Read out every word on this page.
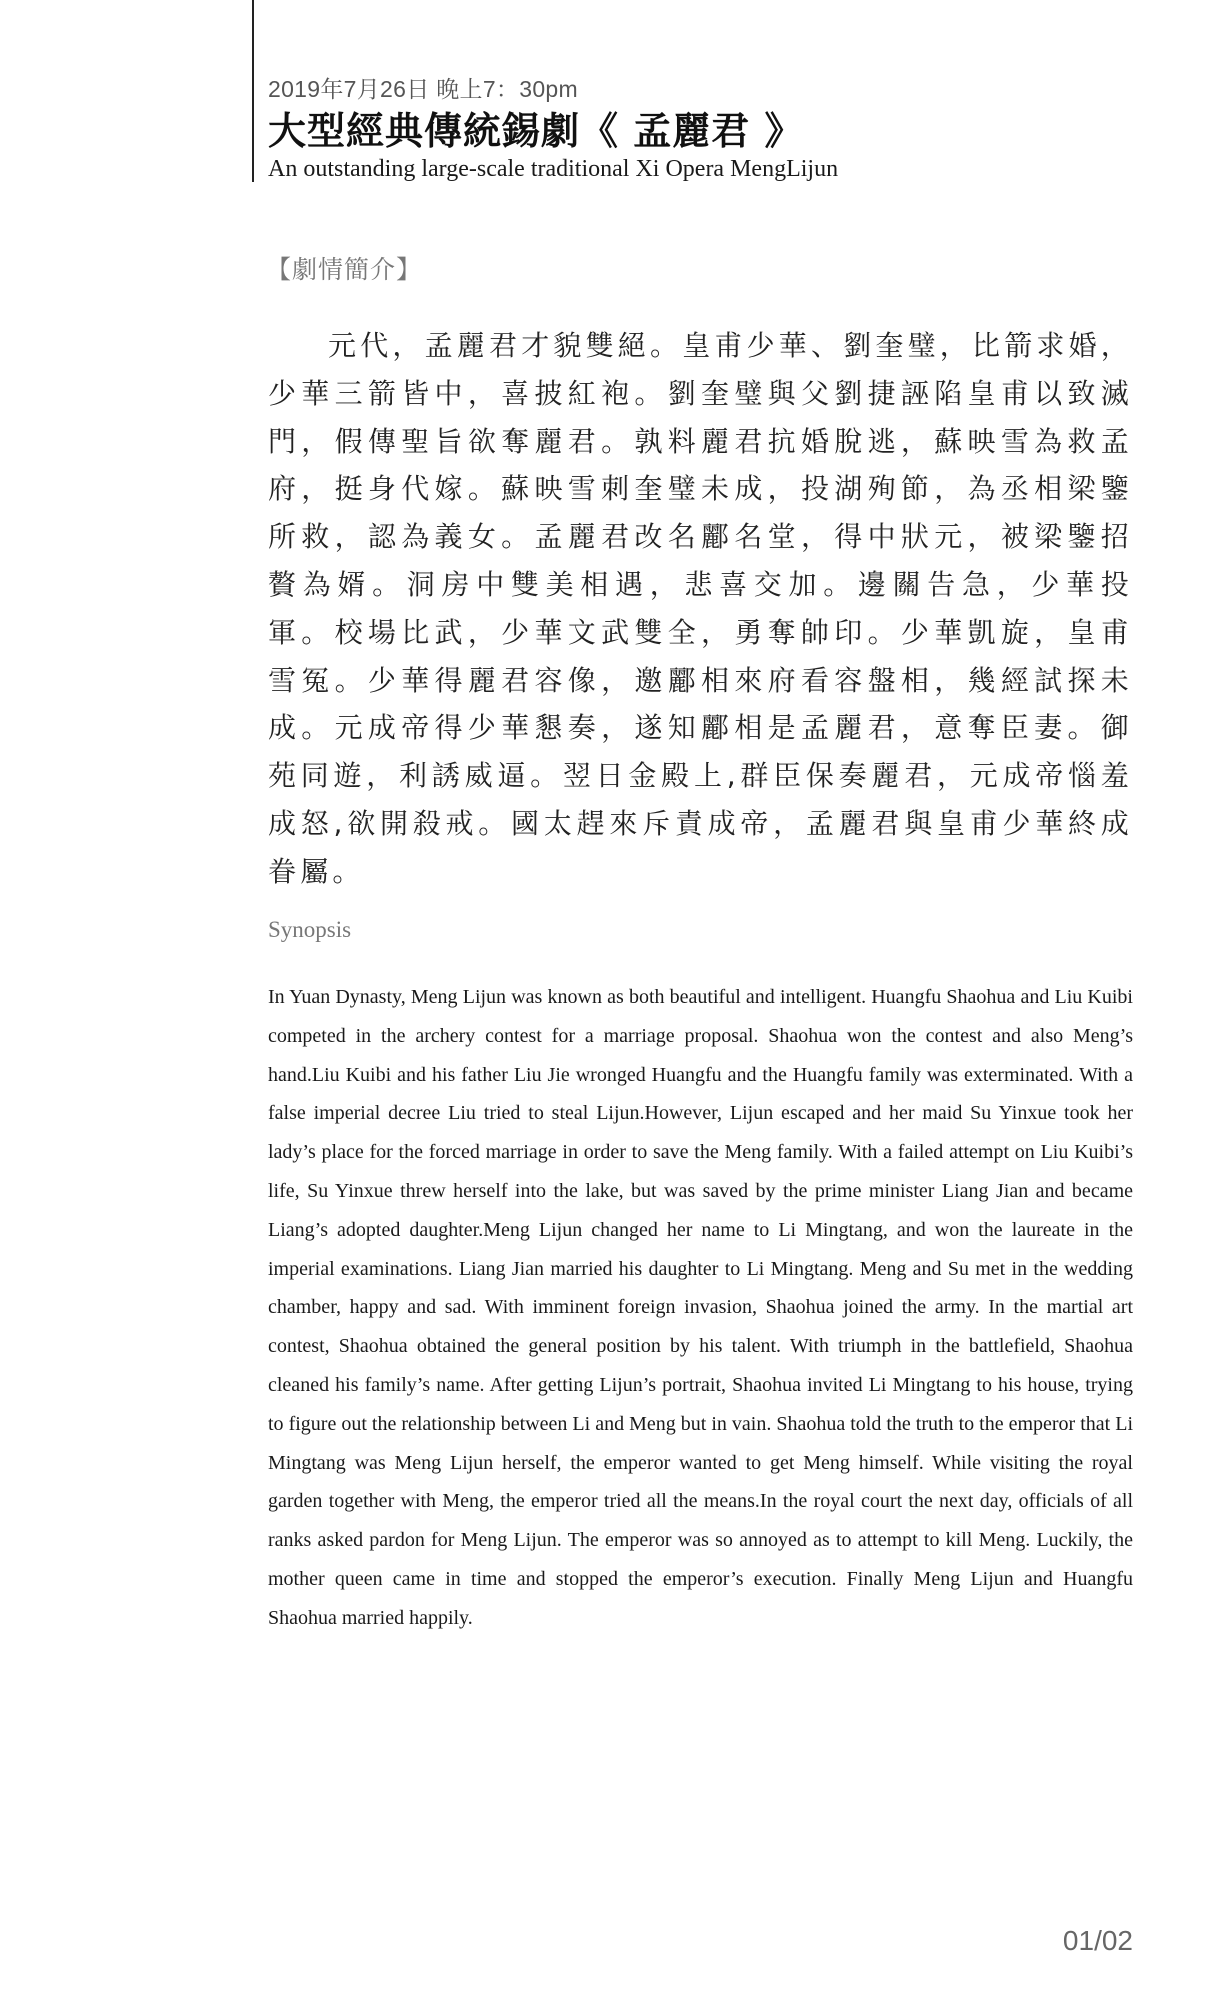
2019年7月26日 晚上7：30pm
大型經典傳統錫劇《 孟麗君 》
An outstanding large-scale traditional Xi Opera MengLijun
【劇情簡介】

元代，孟麗君才貌雙絕。皇甫少華、劉奎璧，比箭求婚，少華三箭皆中，喜披紅袍。劉奎璧與父劉捷誣陷皇甫以致滅門，假傳聖旨欲奪麗君。孰料麗君抗婚脫逃，蘇映雪為救孟府，挺身代嫁。蘇映雪刺奎璧未成，投湖殉節，為丞相梁鑒所救，認為義女。孟麗君改名酈名堂，得中狀元，被梁鑒招贅為婿。洞房中雙美相遇，悲喜交加。邊關告急，少華投軍。校場比武，少華文武雙全，勇奪帥印。少華凱旋，皇甫雪冤。少華得麗君容像，邀酈相來府看容盤相，幾經試探未成。元成帝得少華懇奏，遂知酈相是孟麗君，意奪臣妻。御苑同遊，利誘威逼。翌日金殿上,群臣保奏麗君，元成帝惱羞成怒,欲開殺戒。國太趕來斥責成帝，孟麗君與皇甫少華終成眷屬。

Synopsis

In Yuan Dynasty, Meng Lijun was known as both beautiful and intelligent. Huangfu Shaohua and Liu Kuibi competed in the archery contest for a marriage proposal. Shaohua won the contest and also Meng’s hand.Liu Kuibi and his father Liu Jie wronged Huangfu and the Huangfu family was exterminated. With a false imperial decree Liu tried to steal Lijun.However, Lijun escaped and her maid Su Yinxue took her lady’s place for the forced marriage in order to save the Meng family. With a failed attempt on Liu Kuibi’s life, Su Yinxue threw herself into the lake, but was saved by the prime minister Liang Jian and became Liang’s adopted daughter.Meng Lijun changed her name to Li Mingtang, and won the laureate in the imperial examinations. Liang Jian married his daughter to Li Mingtang. Meng and Su met in the wedding chamber, happy and sad. With imminent foreign invasion, Shaohua joined the army. In the martial art contest, Shaohua obtained the general position by his talent. With triumph in the battlefield, Shaohua cleaned his family’s name. After getting Lijun’s portrait, Shaohua invited Li Mingtang to his house, trying to figure out the relationship between Li and Meng but in vain. Shaohua told the truth to the emperor that Li Mingtang was Meng Lijun herself, the emperor wanted to get Meng himself. While visiting the royal garden together with Meng, the emperor tried all the means.In the royal court the next day, officials of all ranks asked pardon for Meng Lijun. The emperor was so annoyed as to attempt to kill Meng. Luckily, the mother queen came in time and stopped the emperor’s execution. Finally Meng Lijun and Huangfu Shaohua married happily.

01/02
